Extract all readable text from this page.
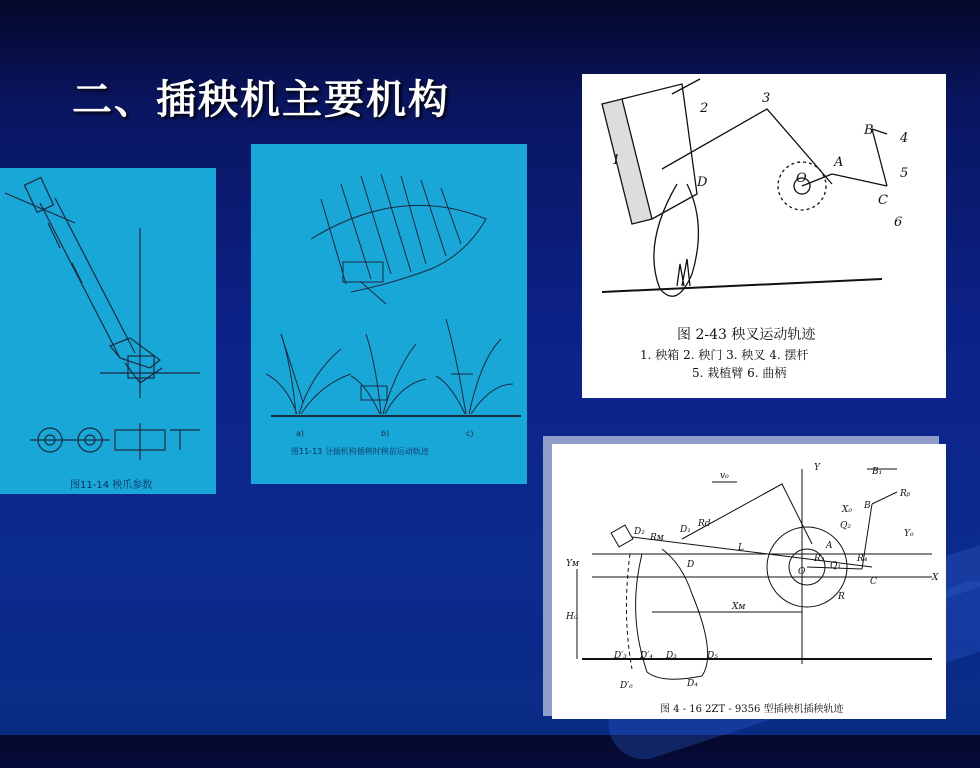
二、插秧机主要机构

图11-14 秧爪参数

a)	b)	c)

图11-13 分插机构插秧时秧苗运动轨迹

1
2
3
4
5
6
B
A
C
D	O

图 2-43 秧叉运动轨迹

1. 秧箱 2. 秧门 3. 秧叉 4. 摆杆

5. 栽植臂 6. 曲柄

v₀
Y
X
B
B₁
Rᵦ
X₀
Y₀
Q₂
D₂	D₁
Rᴍ
Rd
L	A
D
R₂	R₄
O
Q₁
C
R
Xᴍ
H₀
Yᴍ
D′₃ D′₄ D₃	D₅
D₄
D′₆

图 4 - 16 2ZT - 9356 型插秧机插秧轨迹
